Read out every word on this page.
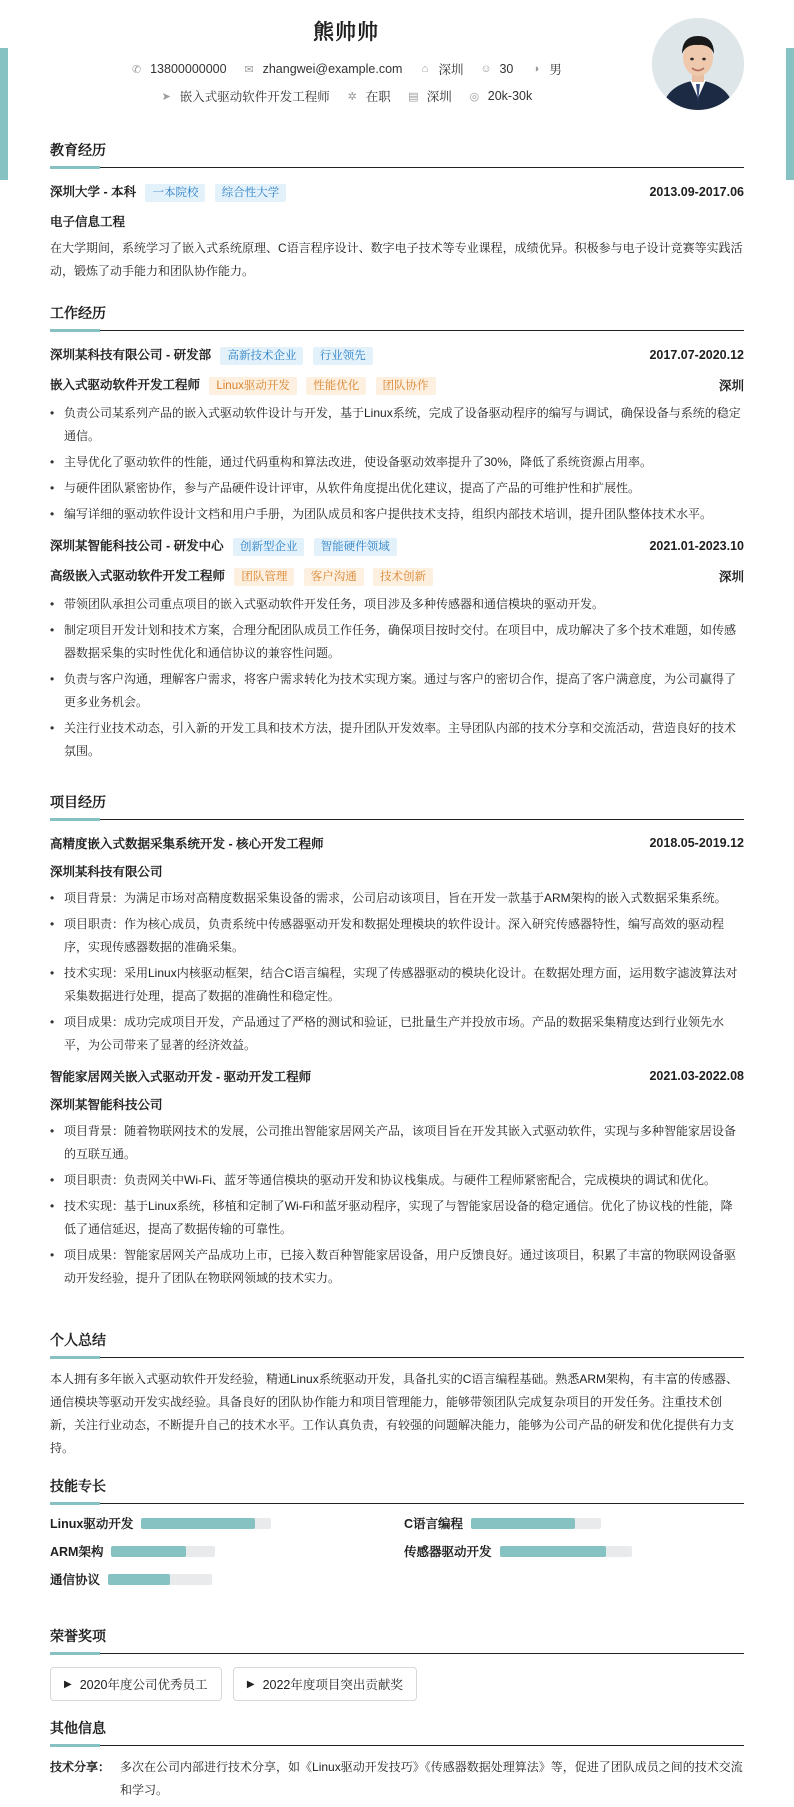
熊帅帅
✆ 13800000000 ✉ zhangwei@example.com ⌂ 深圳 ☺ 30 ◑ 男
➤ 嵌入式驱动软件开发工程师 ✲ 在职 ▤ 深圳 ◎ 20k-30k
教育经历
深圳大学 - 本科 一本院校 综合性大学	2013.09-2017.06
电子信息工程
在大学期间，系统学习了嵌入式系统原理、C语言程序设计、数字电子技术等专业课程，成绩优异。积极参与电子设计竞赛等实践活动，锻炼了动手能力和团队协作能力。
工作经历
深圳某科技有限公司 - 研发部 高新技术企业 行业领先	2017.07-2020.12
嵌入式驱动软件开发工程师 Linux驱动开发 性能优化 团队协作	深圳
• 负责公司某系列产品的嵌入式驱动软件设计与开发，基于Linux系统，完成了设备驱动程序的编写与调试，确保设备与系统的稳定通信。
• 主导优化了驱动软件的性能，通过代码重构和算法改进，使设备驱动效率提升了30%，降低了系统资源占用率。
• 与硬件团队紧密协作，参与产品硬件设计评审，从软件角度提出优化建议，提高了产品的可维护性和扩展性。
• 编写详细的驱动软件设计文档和用户手册，为团队成员和客户提供技术支持，组织内部技术培训，提升团队整体技术水平。
深圳某智能科技公司 - 研发中心 创新型企业 智能硬件领域	2021.01-2023.10
高级嵌入式驱动软件开发工程师 团队管理 客户沟通 技术创新	深圳
• 带领团队承担公司重点项目的嵌入式驱动软件开发任务，项目涉及多种传感器和通信模块的驱动开发。
• 制定项目开发计划和技术方案，合理分配团队成员工作任务，确保项目按时交付。在项目中，成功解决了多个技术难题，如传感器数据采集的实时性优化和通信协议的兼容性问题。
• 负责与客户沟通，理解客户需求，将客户需求转化为技术实现方案。通过与客户的密切合作，提高了客户满意度，为公司赢得了更多业务机会。
• 关注行业技术动态，引入新的开发工具和技术方法，提升团队开发效率。主导团队内部的技术分享和交流活动，营造良好的技术氛围。
项目经历
高精度嵌入式数据采集系统开发 - 核心开发工程师	2018.05-2019.12
深圳某科技有限公司
• 项目背景：为满足市场对高精度数据采集设备的需求，公司启动该项目，旨在开发一款基于ARM架构的嵌入式数据采集系统。
• 项目职责：作为核心成员，负责系统中传感器驱动开发和数据处理模块的软件设计。深入研究传感器特性，编写高效的驱动程序，实现传感器数据的准确采集。
• 技术实现：采用Linux内核驱动框架，结合C语言编程，实现了传感器驱动的模块化设计。在数据处理方面，运用数字滤波算法对采集数据进行处理，提高了数据的准确性和稳定性。
• 项目成果：成功完成项目开发，产品通过了严格的测试和验证，已批量生产并投放市场。产品的数据采集精度达到行业领先水平，为公司带来了显著的经济效益。
智能家居网关嵌入式驱动开发 - 驱动开发工程师	2021.03-2022.08
深圳某智能科技公司
• 项目背景：随着物联网技术的发展，公司推出智能家居网关产品，该项目旨在开发其嵌入式驱动软件，实现与多种智能家居设备的互联互通。
• 项目职责：负责网关中Wi-Fi、蓝牙等通信模块的驱动开发和协议栈集成。与硬件工程师紧密配合，完成模块的调试和优化。
• 技术实现：基于Linux系统，移植和定制了Wi-Fi和蓝牙驱动程序，实现了与智能家居设备的稳定通信。优化了协议栈的性能，降低了通信延迟，提高了数据传输的可靠性。
• 项目成果：智能家居网关产品成功上市，已接入数百种智能家居设备，用户反馈良好。通过该项目，积累了丰富的物联网设备驱动开发经验，提升了团队在物联网领域的技术实力。
个人总结
本人拥有多年嵌入式驱动软件开发经验，精通Linux系统驱动开发，具备扎实的C语言编程基础。熟悉ARM架构，有丰富的传感器、通信模块等驱动开发实战经验。具备良好的团队协作能力和项目管理能力，能够带领团队完成复杂项目的开发任务。注重技术创新，关注行业动态，不断提升自己的技术水平。工作认真负责，有较强的问题解决能力，能够为公司产品的研发和优化提供有力支持。
技能专长
Linux驱动开发	C语言编程
ARM架构	传感器驱动开发
通信协议
荣誉奖项
▶ 2020年度公司优秀员工
	▶ 2022年度项目突出贡献奖
其他信息
技术分享： 多次在公司内部进行技术分享，如《Linux驱动开发技巧》《传感器数据处理算法》等，促进了团队成员之间的技术交流和学习。
